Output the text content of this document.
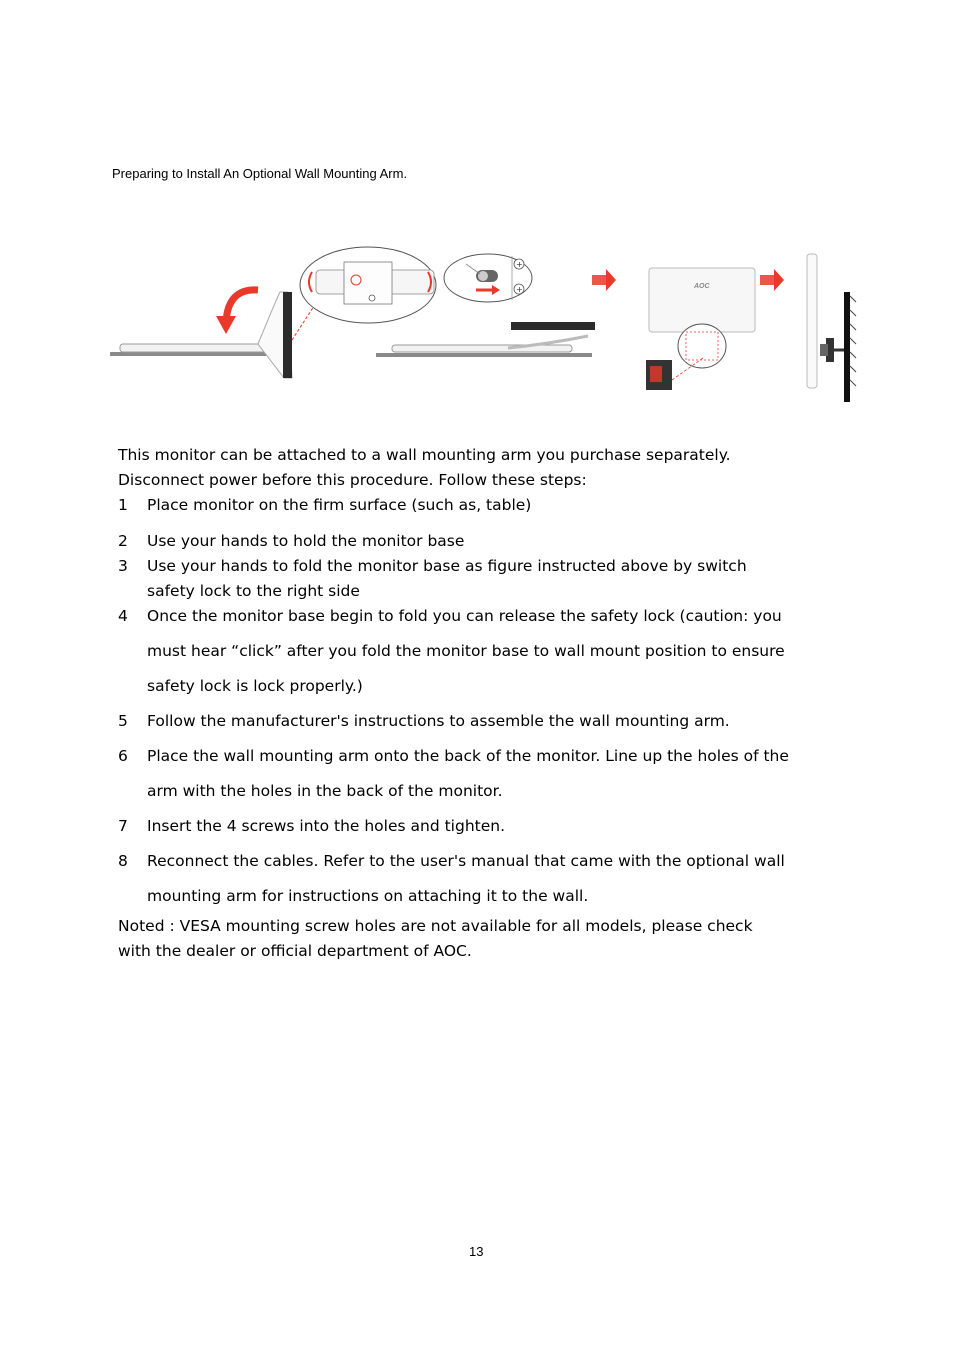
Preparing to Install An Optional Wall Mounting Arm.
+
+	AOC

This monitor can be attached to a wall mounting arm you purchase separately.

Disconnect power before this procedure. Follow these steps:

1 Place monitor on the firm surface (such as, table)
2 Use your hands to hold the monitor base
3 Use your hands to fold the monitor base as figure instructed above by switch safety lock to the right side
4 Once the monitor base begin to fold you can release the safety lock (caution: you must hear “click” after you fold the monitor base to wall mount position to ensure safety lock is lock properly.)
5 Follow the manufacturer's instructions to assemble the wall mounting arm.
6 Place the wall mounting arm onto the back of the monitor. Line up the holes of the arm with the holes in the back of the monitor.
7 Insert the 4 screws into the holes and tighten.
8 Reconnect the cables. Refer to the user's manual that came with the optional wall mounting arm for instructions on attaching it to the wall.

Noted : VESA mounting screw holes are not available for all models, please check

with the dealer or official department of AOC.

13
